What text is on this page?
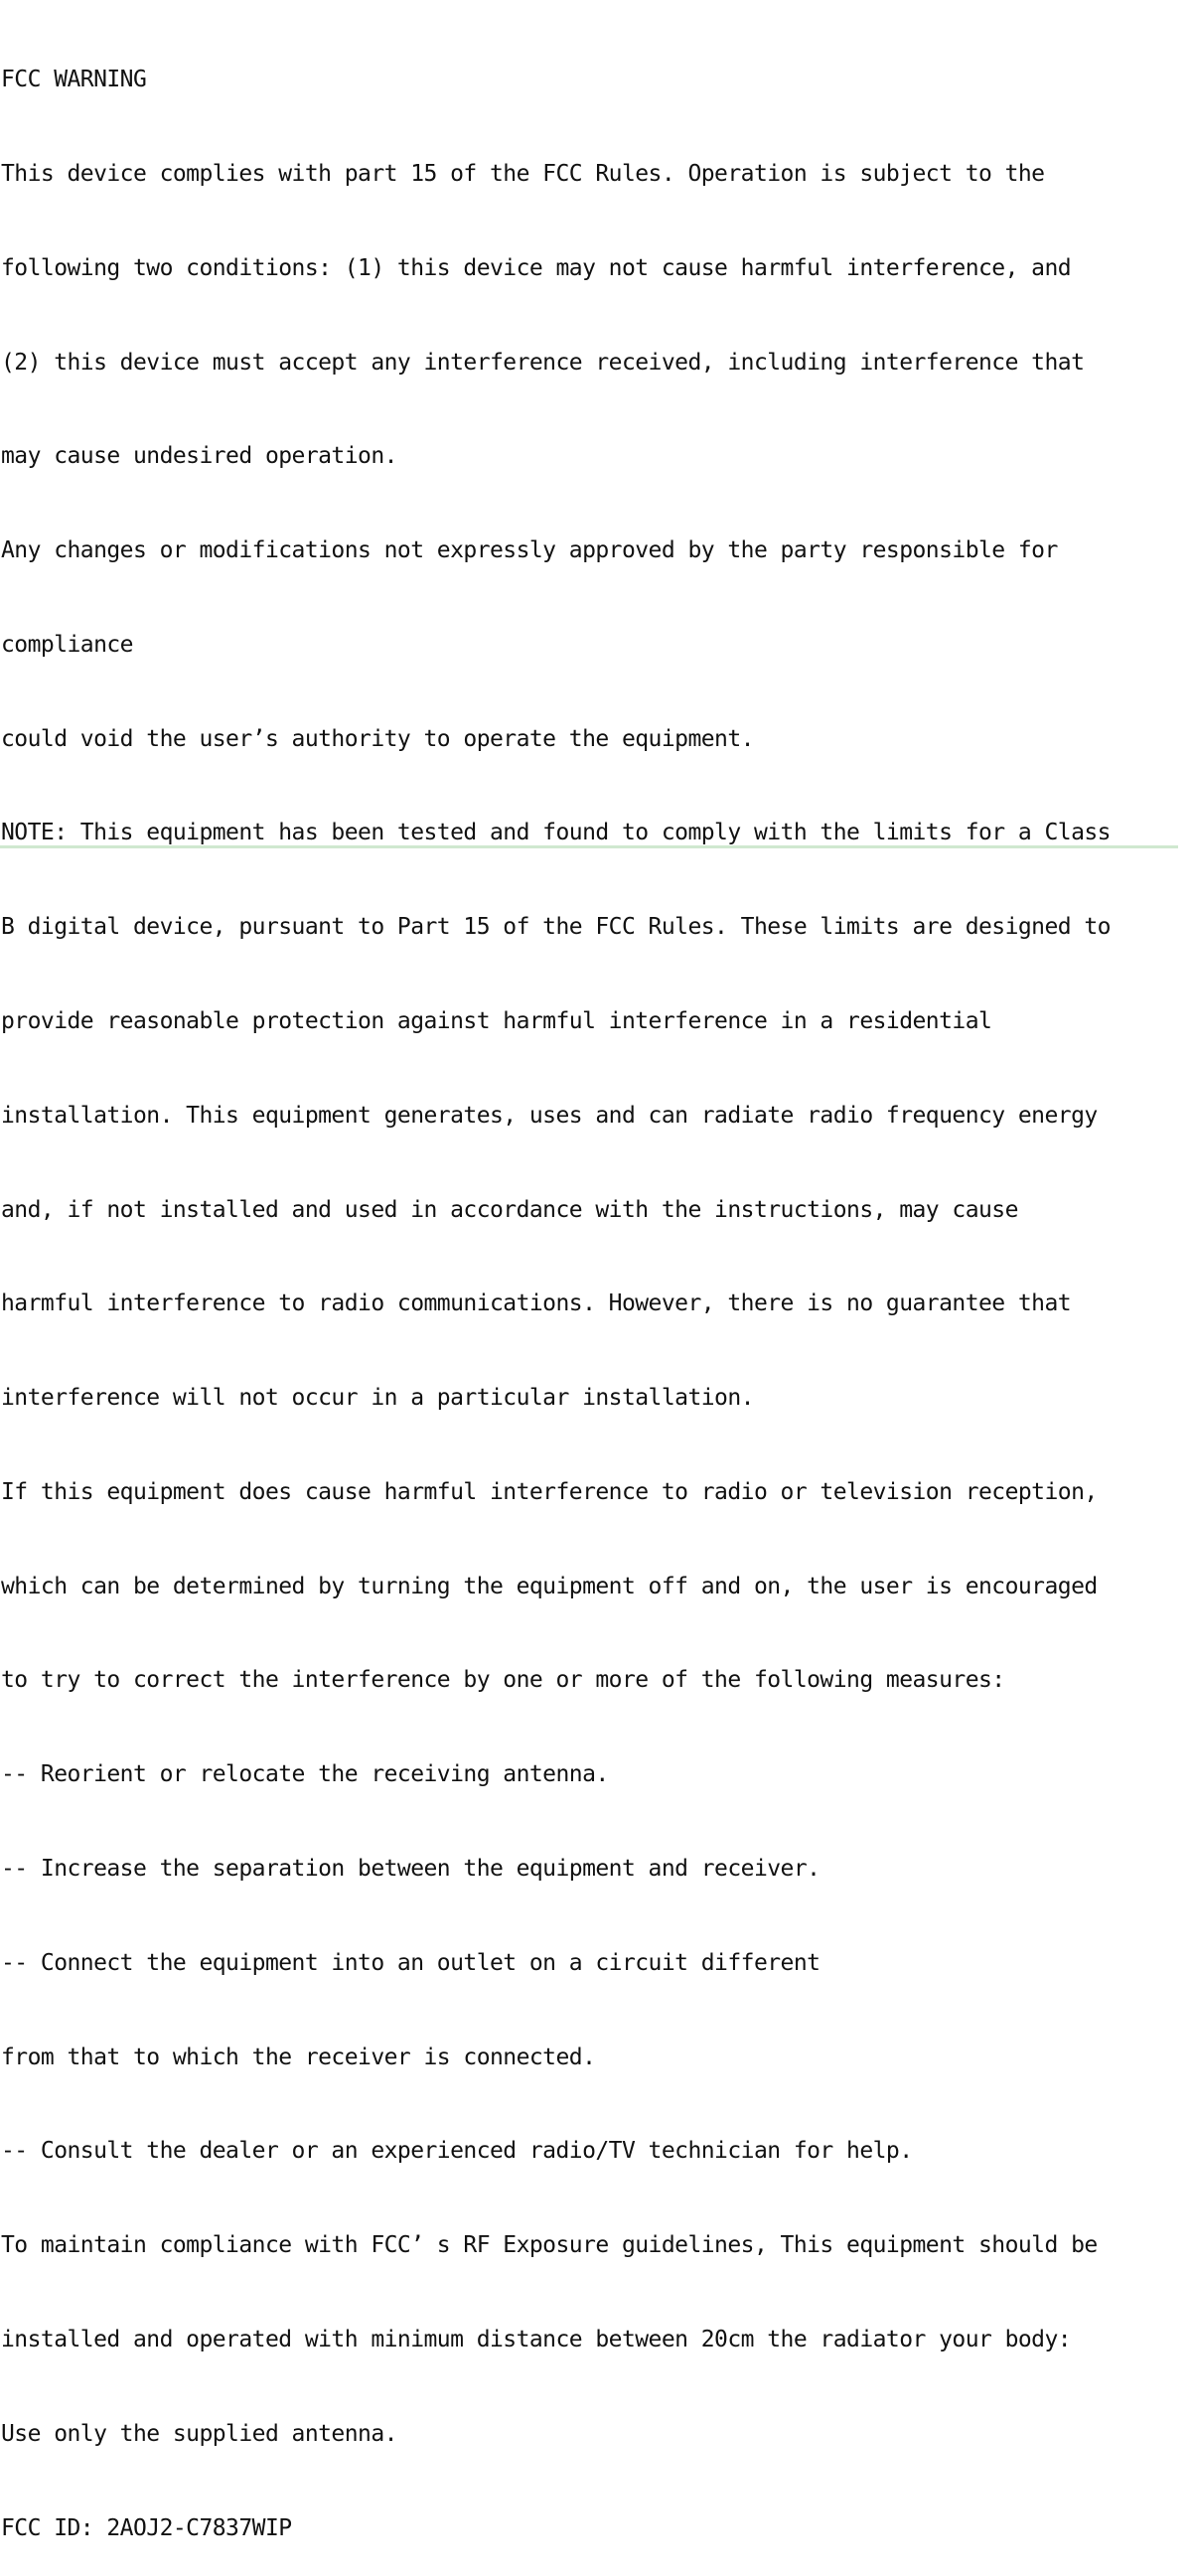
FCC WARNING

This device complies with part 15 of the FCC Rules. Operation is subject to the

following two conditions: (1) this device may not cause harmful interference, and

(2) this device must accept any interference received, including interference that

may cause undesired operation.

Any changes or modifications not expressly approved by the party responsible for

compliance

could void the user’s authority to operate the equipment.

NOTE: This equipment has been tested and found to comply with the limits for a Class

B digital device, pursuant to Part 15 of the FCC Rules. These limits are designed to

provide reasonable protection against harmful interference in a residential

installation. This equipment generates, uses and can radiate radio frequency energy

and, if not installed and used in accordance with the instructions, may cause

harmful interference to radio communications. However, there is no guarantee that

interference will not occur in a particular installation.

If this equipment does cause harmful interference to radio or television reception,

which can be determined by turning the equipment off and on, the user is encouraged

to try to correct the interference by one or more of the following measures:

-- Reorient or relocate the receiving antenna.

-- Increase the separation between the equipment and receiver.

-- Connect the equipment into an outlet on a circuit different

from that to which the receiver is connected.

-- Consult the dealer or an experienced radio/TV technician for help.

To maintain compliance with FCC’ s RF Exposure guidelines, This equipment should be

installed and operated with minimum distance between 20cm the radiator your body:

Use only the supplied antenna.

FCC ID: 2AOJ2-C7837WIP
